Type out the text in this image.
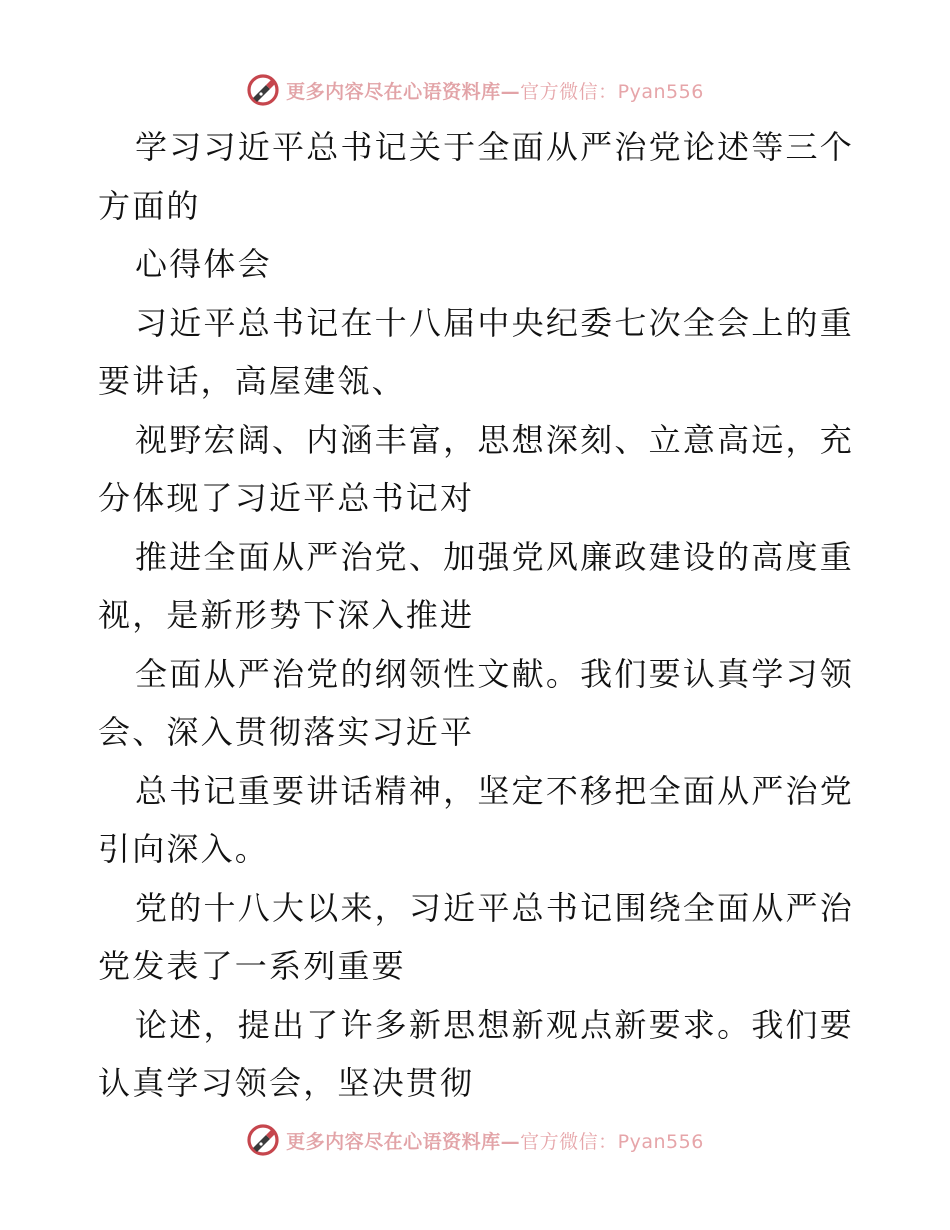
更多内容尽在心语资料库—官方微信：Pyan556

学习习近平总书记关于全面从严治党论述等三个方面的

心得体会

习近平总书记在十八届中央纪委七次全会上的重要讲话，高屋建瓴、

视野宏阔、内涵丰富，思想深刻、立意高远，充分体现了习近平总书记对

推进全面从严治党、加强党风廉政建设的高度重视，是新形势下深入推进

全面从严治党的纲领性文献。我们要认真学习领会、深入贯彻落实习近平

总书记重要讲话精神，坚定不移把全面从严治党引向深入。

党的十八大以来，习近平总书记围绕全面从严治党发表了一系列重要

论述，提出了许多新思想新观点新要求。我们要认真学习领会，坚决贯彻

更多内容尽在心语资料库—官方微信：Pyan556
